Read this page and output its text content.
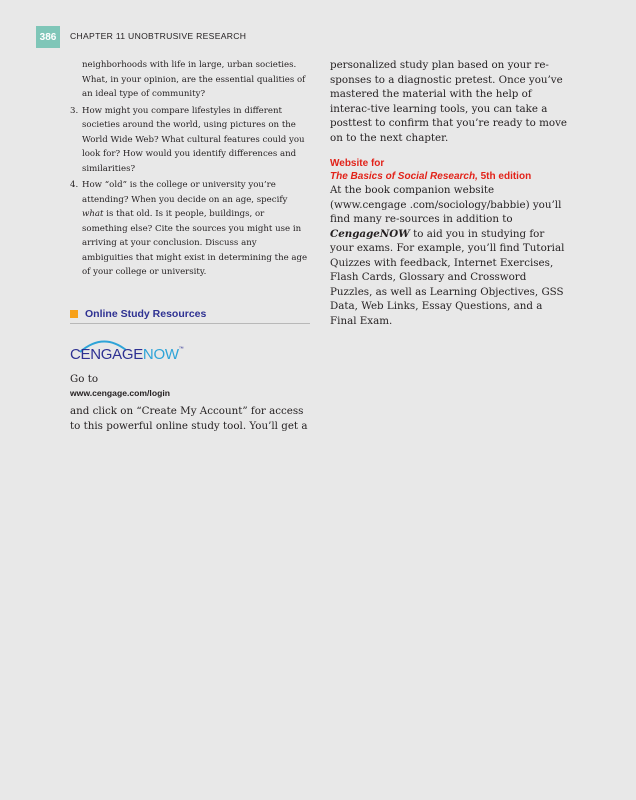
386	CHAPTER 11 UNOBTRUSIVE RESEARCH

neighborhoods with life in large, urban societies. What, in your opinion, are the essential qualities of an ideal type of community?

3. How might you compare lifestyles in different societies around the world, using pictures on the World Wide Web? What cultural features could you look for? How would you identify differences and similarities?
4. How “old” is the college or university you’re attending? When you decide on an age, specify what is that old. Is it people, buildings, or something else? Cite the sources you might use in arriving at your conclusion. Discuss any ambiguities that might exist in determining the age of your college or university.
Online Study Resources
CENGAGENOW™

Go to

www.cengage.com/login

and click on “Create My Account” for access to this powerful online study tool. You’ll get a

personalized study plan based on your re-sponses to a diagnostic pretest. Once you’ve mastered the material with the help of interac-tive learning tools, you can take a posttest to confirm that you’re ready to move on to the next chapter.

Website for
The Basics of Social Research, 5th edition

At the book companion website (www.cengage .com/sociology/babbie) you’ll find many re-sources in addition to CengageNOW to aid you in studying for your exams. For example, you’ll find Tutorial Quizzes with feedback, Internet Exercises, Flash Cards, Glossary and Crossword Puzzles, as well as Learning Objectives, GSS Data, Web Links, Essay Questions, and a Final Exam.
